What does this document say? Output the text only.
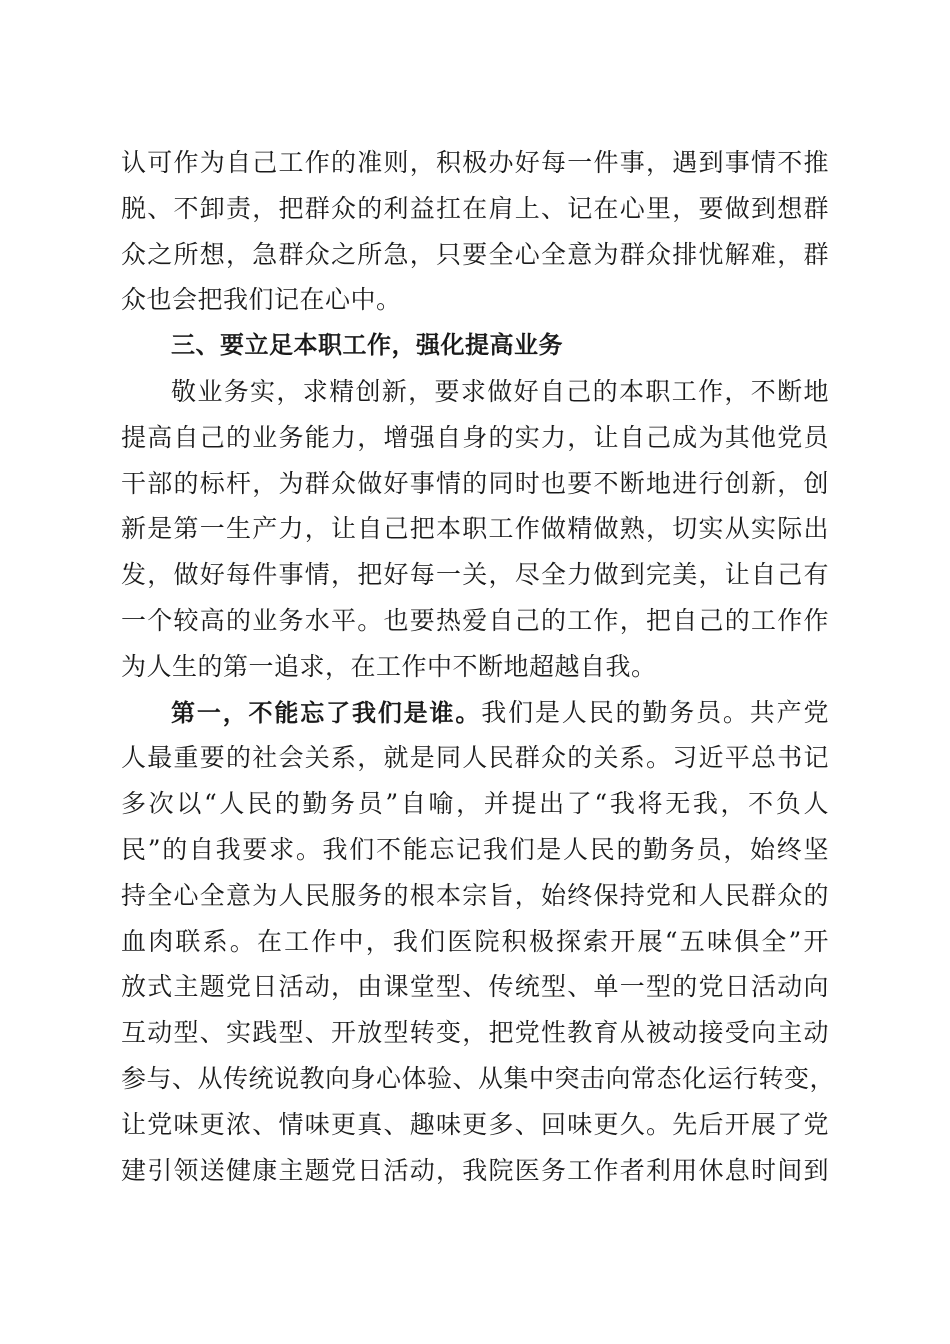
认可作为自己工作的准则，积极办好每一件事，遇到事情不推
脱、不卸责，把群众的利益扛在肩上、记在心里，要做到想群
众之所想，急群众之所急，只要全心全意为群众排忧解难，群
众也会把我们记在心中。
三、要立足本职工作，强化提高业务
敬业务实，求精创新，要求做好自己的本职工作，不断地
提高自己的业务能力，增强自身的实力，让自己成为其他党员
干部的标杆，为群众做好事情的同时也要不断地进行创新，创
新是第一生产力，让自己把本职工作做精做熟，切实从实际出
发，做好每件事情，把好每一关，尽全力做到完美，让自己有
一个较高的业务水平。也要热爱自己的工作，把自己的工作作
为人生的第一追求，在工作中不断地超越自我。
第一，不能忘了我们是谁。我们是人民的勤务员。共产党
人最重要的社会关系，就是同人民群众的关系。习近平总书记
多次以“人民的勤务员”自喻，并提出了“我将无我，不负人
民”的自我要求。我们不能忘记我们是人民的勤务员，始终坚
持全心全意为人民服务的根本宗旨，始终保持党和人民群众的
血肉联系。在工作中，我们医院积极探索开展“五味俱全”开
放式主题党日活动，由课堂型、传统型、单一型的党日活动向
互动型、实践型、开放型转变，把党性教育从被动接受向主动
参与、从传统说教向身心体验、从集中突击向常态化运行转变，
让党味更浓、情味更真、趣味更多、回味更久。先后开展了党
建引领送健康主题党日活动，我院医务工作者利用休息时间到
